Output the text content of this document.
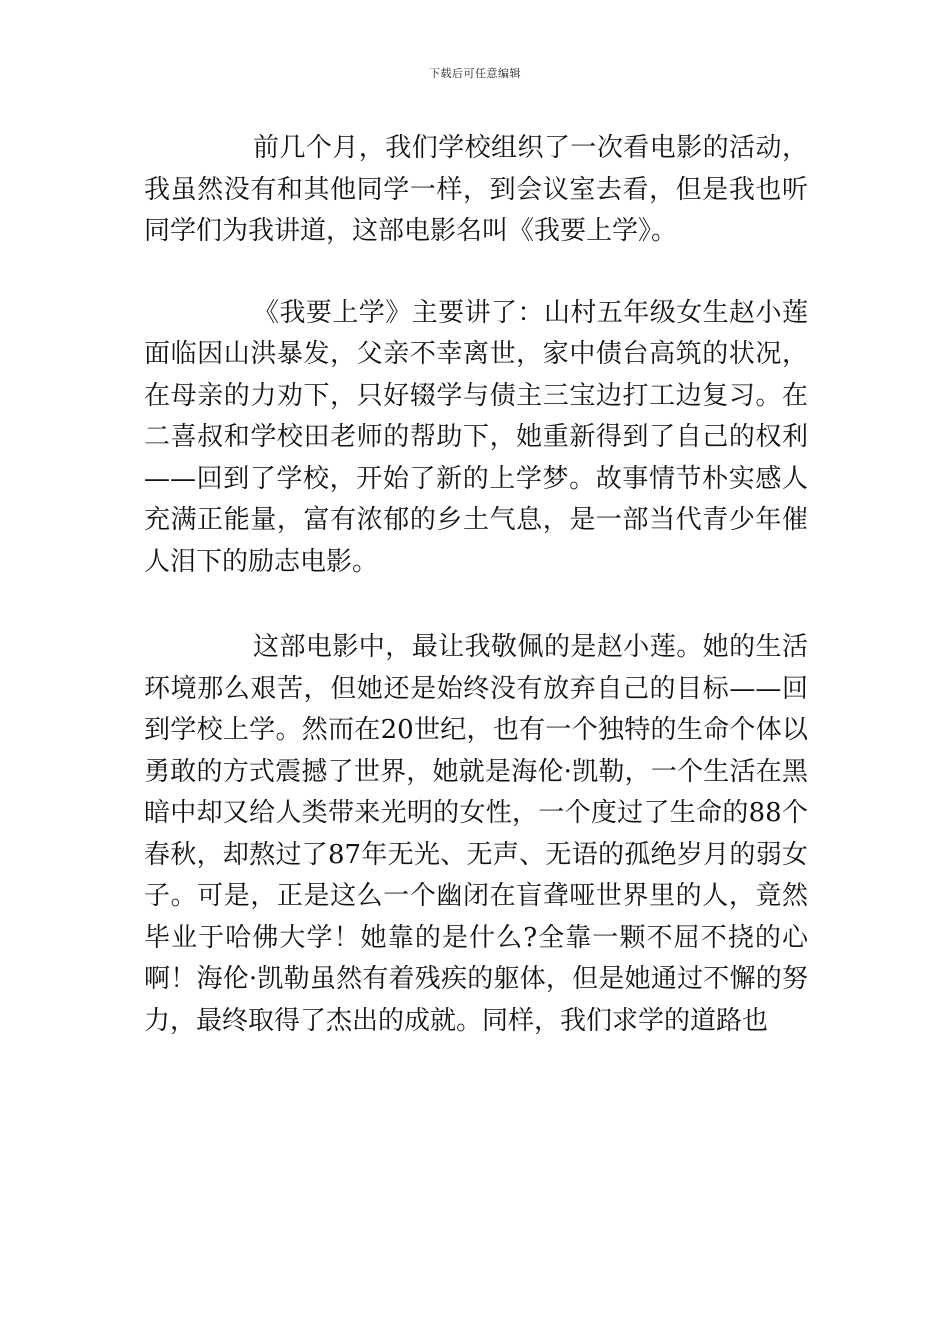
下载后可任意编辑

前几个月，我们学校组织了一次看电影的活动，我虽然没有和其他同学一样，到会议室去看，但是我也听同学们为我讲道，这部电影名叫《我要上学》。

《我要上学》主要讲了：山村五年级女生赵小莲面临因山洪暴发，父亲不幸离世，家中债台高筑的状况，在母亲的力劝下，只好辍学与债主三宝边打工边复习。在二喜叔和学校田老师的帮助下，她重新得到了自己的权利——回到了学校，开始了新的上学梦。故事情节朴实感人充满正能量，富有浓郁的乡土气息，是一部当代青少年催人泪下的励志电影。

这部电影中，最让我敬佩的是赵小莲。她的生活环境那么艰苦，但她还是始终没有放弃自己的目标——回到学校上学。然而在20世纪，也有一个独特的生命个体以勇敢的方式震撼了世界，她就是海伦·凯勒，一个生活在黑暗中却又给人类带来光明的女性，一个度过了生命的88个春秋，却熬过了87年无光、无声、无语的孤绝岁月的弱女子。可是，正是这么一个幽闭在盲聋哑世界里的人，竟然毕业于哈佛大学！她靠的是什么?全靠一颗不屈不挠的心啊！海伦·凯勒虽然有着残疾的躯体，但是她通过不懈的努力，最终取得了杰出的成就。同样，我们求学的道路也
